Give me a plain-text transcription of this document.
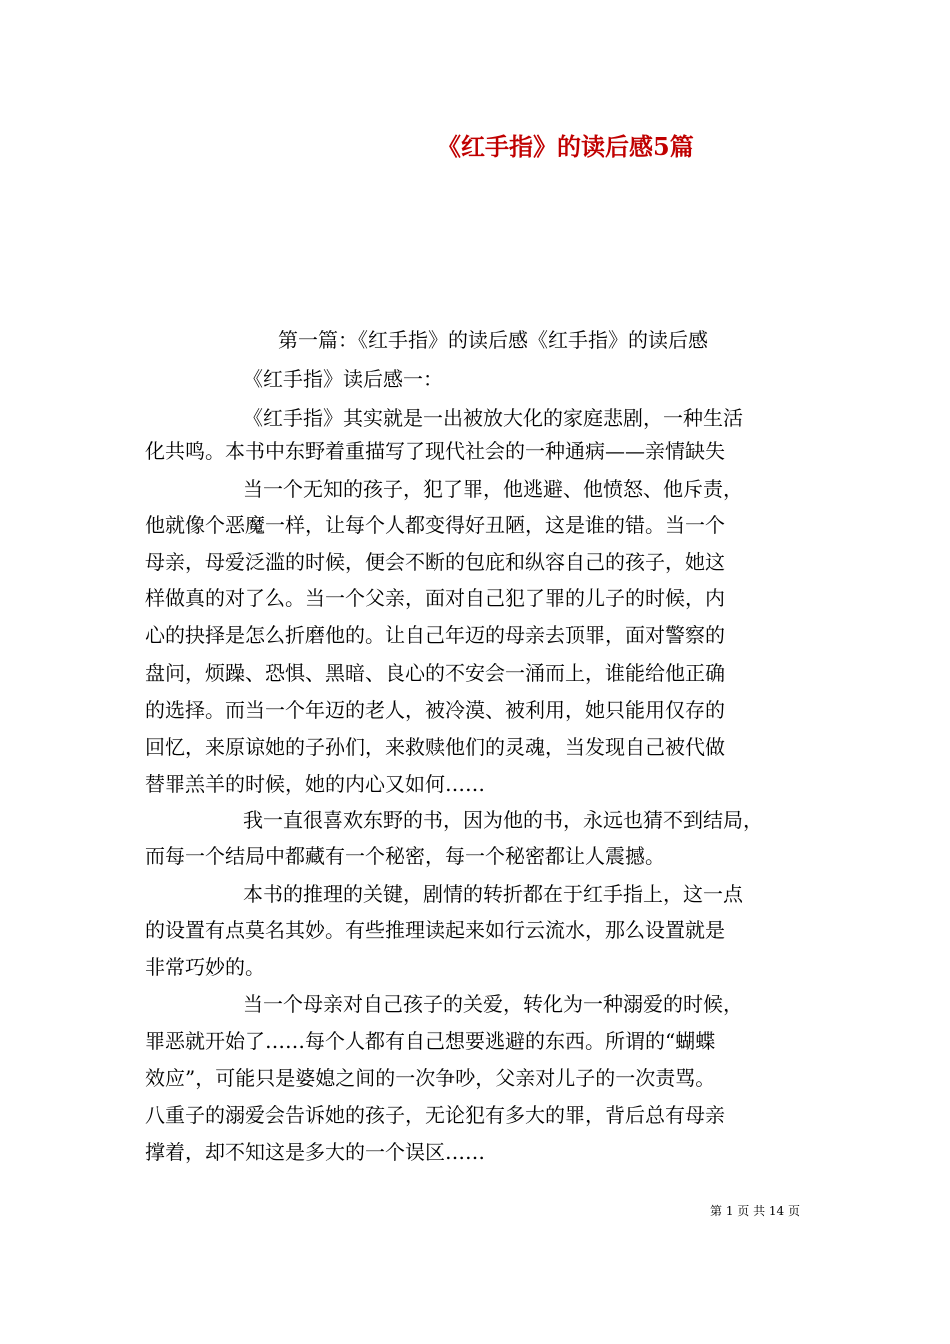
《红手指》的读后感5篇
第一篇：《红手指》的读后感《红手指》的读后感
《红手指》读后感一：
《红手指》其实就是一出被放大化的家庭悲剧，一种生活
化共鸣。本书中东野着重描写了现代社会的一种通病——亲情缺失
当一个无知的孩子，犯了罪，他逃避、他愤怒、他斥责，
他就像个恶魔一样，让每个人都变得好丑陋，这是谁的错。当一个
母亲，母爱泛滥的时候，便会不断的包庇和纵容自己的孩子，她这
样做真的对了么。当一个父亲，面对自己犯了罪的儿子的时候，内
心的抉择是怎么折磨他的。让自己年迈的母亲去顶罪，面对警察的
盘问，烦躁、恐惧、黑暗、良心的不安会一涌而上，谁能给他正确
的选择。而当一个年迈的老人，被冷漠、被利用，她只能用仅存的
回忆，来原谅她的子孙们，来救赎他们的灵魂，当发现自己被代做
替罪羔羊的时候，她的内心又如何……
我一直很喜欢东野的书，因为他的书，永远也猜不到结局，
而每一个结局中都藏有一个秘密，每一个秘密都让人震撼。
本书的推理的关键，剧情的转折都在于红手指上，这一点
的设置有点莫名其妙。有些推理读起来如行云流水，那么设置就是
非常巧妙的。
当一个母亲对自己孩子的关爱，转化为一种溺爱的时候，
罪恶就开始了……每个人都有自己想要逃避的东西。所谓的“蝴蝶
效应”，可能只是婆媳之间的一次争吵，父亲对儿子的一次责骂。
八重子的溺爱会告诉她的孩子，无论犯有多大的罪，背后总有母亲
撑着，却不知这是多大的一个误区……
第 1 页 共 14 页
